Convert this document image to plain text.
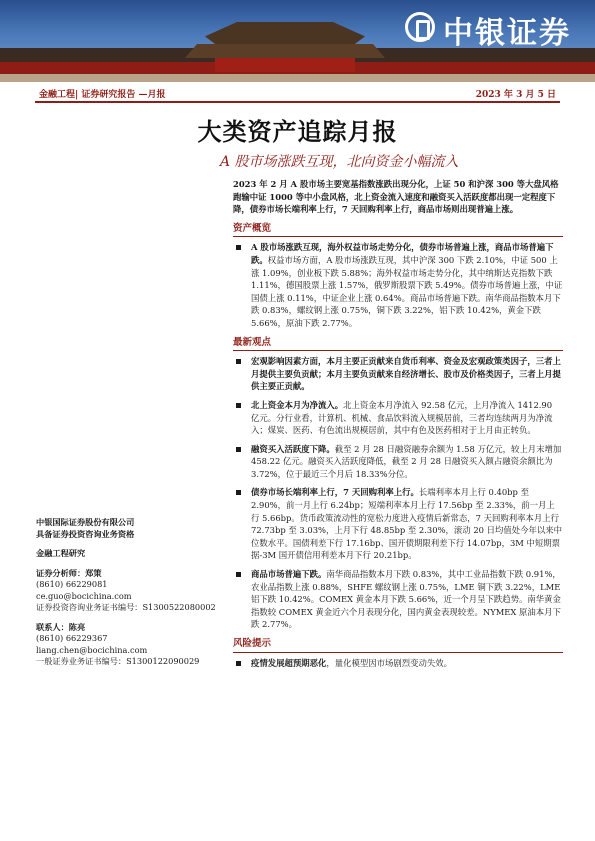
中银证券
金融工程| 证券研究报告 —月报	2023 年 3 月 5 日
大类资产追踪月报
A 股市场涨跌互现，北向资金小幅流入

2023 年 2 月 A 股市场主要宽基指数涨跌出现分化，上证 50 和沪深 300 等大盘风格跑输中证 1000 等中小盘风格，北上资金流入速度和融资买入活跃度都出现一定程度下降，债券市场长端利率上行，7 天回购利率上行，商品市场则出现普遍上涨。

资产概览
A 股市场涨跌互现，海外权益市场走势分化，债券市场普遍上涨，商品市场普遍下跌。权益市场方面，A 股市场涨跌互现，其中沪深 300 下跌 2.10%，中证 500 上涨 1.09%，创业板下跌 5.88%；海外权益市场走势分化，其中纳斯达克指数下跌 1.11%，德国股票上涨 1.57%，俄罗斯股票下跌 5.49%。债券市场普遍上涨，中证国债上涨 0.11%，中证企业上涨 0.64%。商品市场普遍下跌。南华商品指数本月下跌 0.83%，螺纹钢上涨 0.75%，铜下跌 3.22%，铝下跌 10.42%，黄金下跌 5.66%，原油下跌 2.77%。
最新观点
宏观影响因素方面，本月主要正贡献来自货币利率、资金及宏观政策类因子，三者上月提供主要负贡献；本月主要负贡献来自经济增长、股市及价格类因子，三者上月提供主要正贡献。
北上资金本月为净流入。北上资金本月净流入 92.58 亿元，上月净流入 1412.90 亿元。分行业看，计算机、机械、食品饮料流入规模居前，三者均连续两月为净流入；煤炭、医药、有色流出规模居前，其中有色及医药相对于上月由正转负。
融资买入活跃度下降。截至 2 月 28 日融资融券余额为 1.58 万亿元，较上月末增加 458.22 亿元。融资买入活跃度降低，截至 2 月 28 日融资买入额占融资余额比为 3.72%，位于最近三个月后 18.33%分位。
债券市场长端利率上行，7 天回购利率上行。长端利率本月上行 0.40bp 至 2.90%，前一月上行 6.24bp；短端利率本月上行 17.56bp 至 2.33%，前一月上行 5.66bp。货币政策流动性的宽松力度进入疫情后新常态，7 天回购利率本月上行 72.73bp 至 3.03%，上月下行 48.85bp 至 2.30%，滚动 20 日均值处今年以来中位数水平。国债利差下行 17.16bp、国开债期限利差下行 14.07bp，3M 中短期票据-3M 国开债信用利差本月下行 20.21bp。
商品市场普遍下跌。南华商品指数本月下跌 0.83%，其中工业品指数下跌 0.91%，农业品指数上涨 0.88%，SHFE 螺纹钢上涨 0.75%，LME 铜下跌 3.22%，LME 铝下跌 10.42%。COMEX 黄金本月下跌 5.66%，近一个月呈下跌趋势。南华黄金指数较 COMEX 黄金近六个月表现分化，国内黄金表现较差。NYMEX 原油本月下跌 2.77%。
风险提示
疫情发展超预期恶化，量化模型因市场剧烈变动失效。
中银国际证券股份有限公司
具备证券投资咨询业务资格
金融工程研究
证券分析师：郑策
(8610) 66229081
ce.guo@bocichina.com
证券投资咨询业务证书编号：S1300522080002
联系人：陈亮
(8610) 66229367
liang.chen@bocichina.com
一般证券业务证书编号：S1300122090029
